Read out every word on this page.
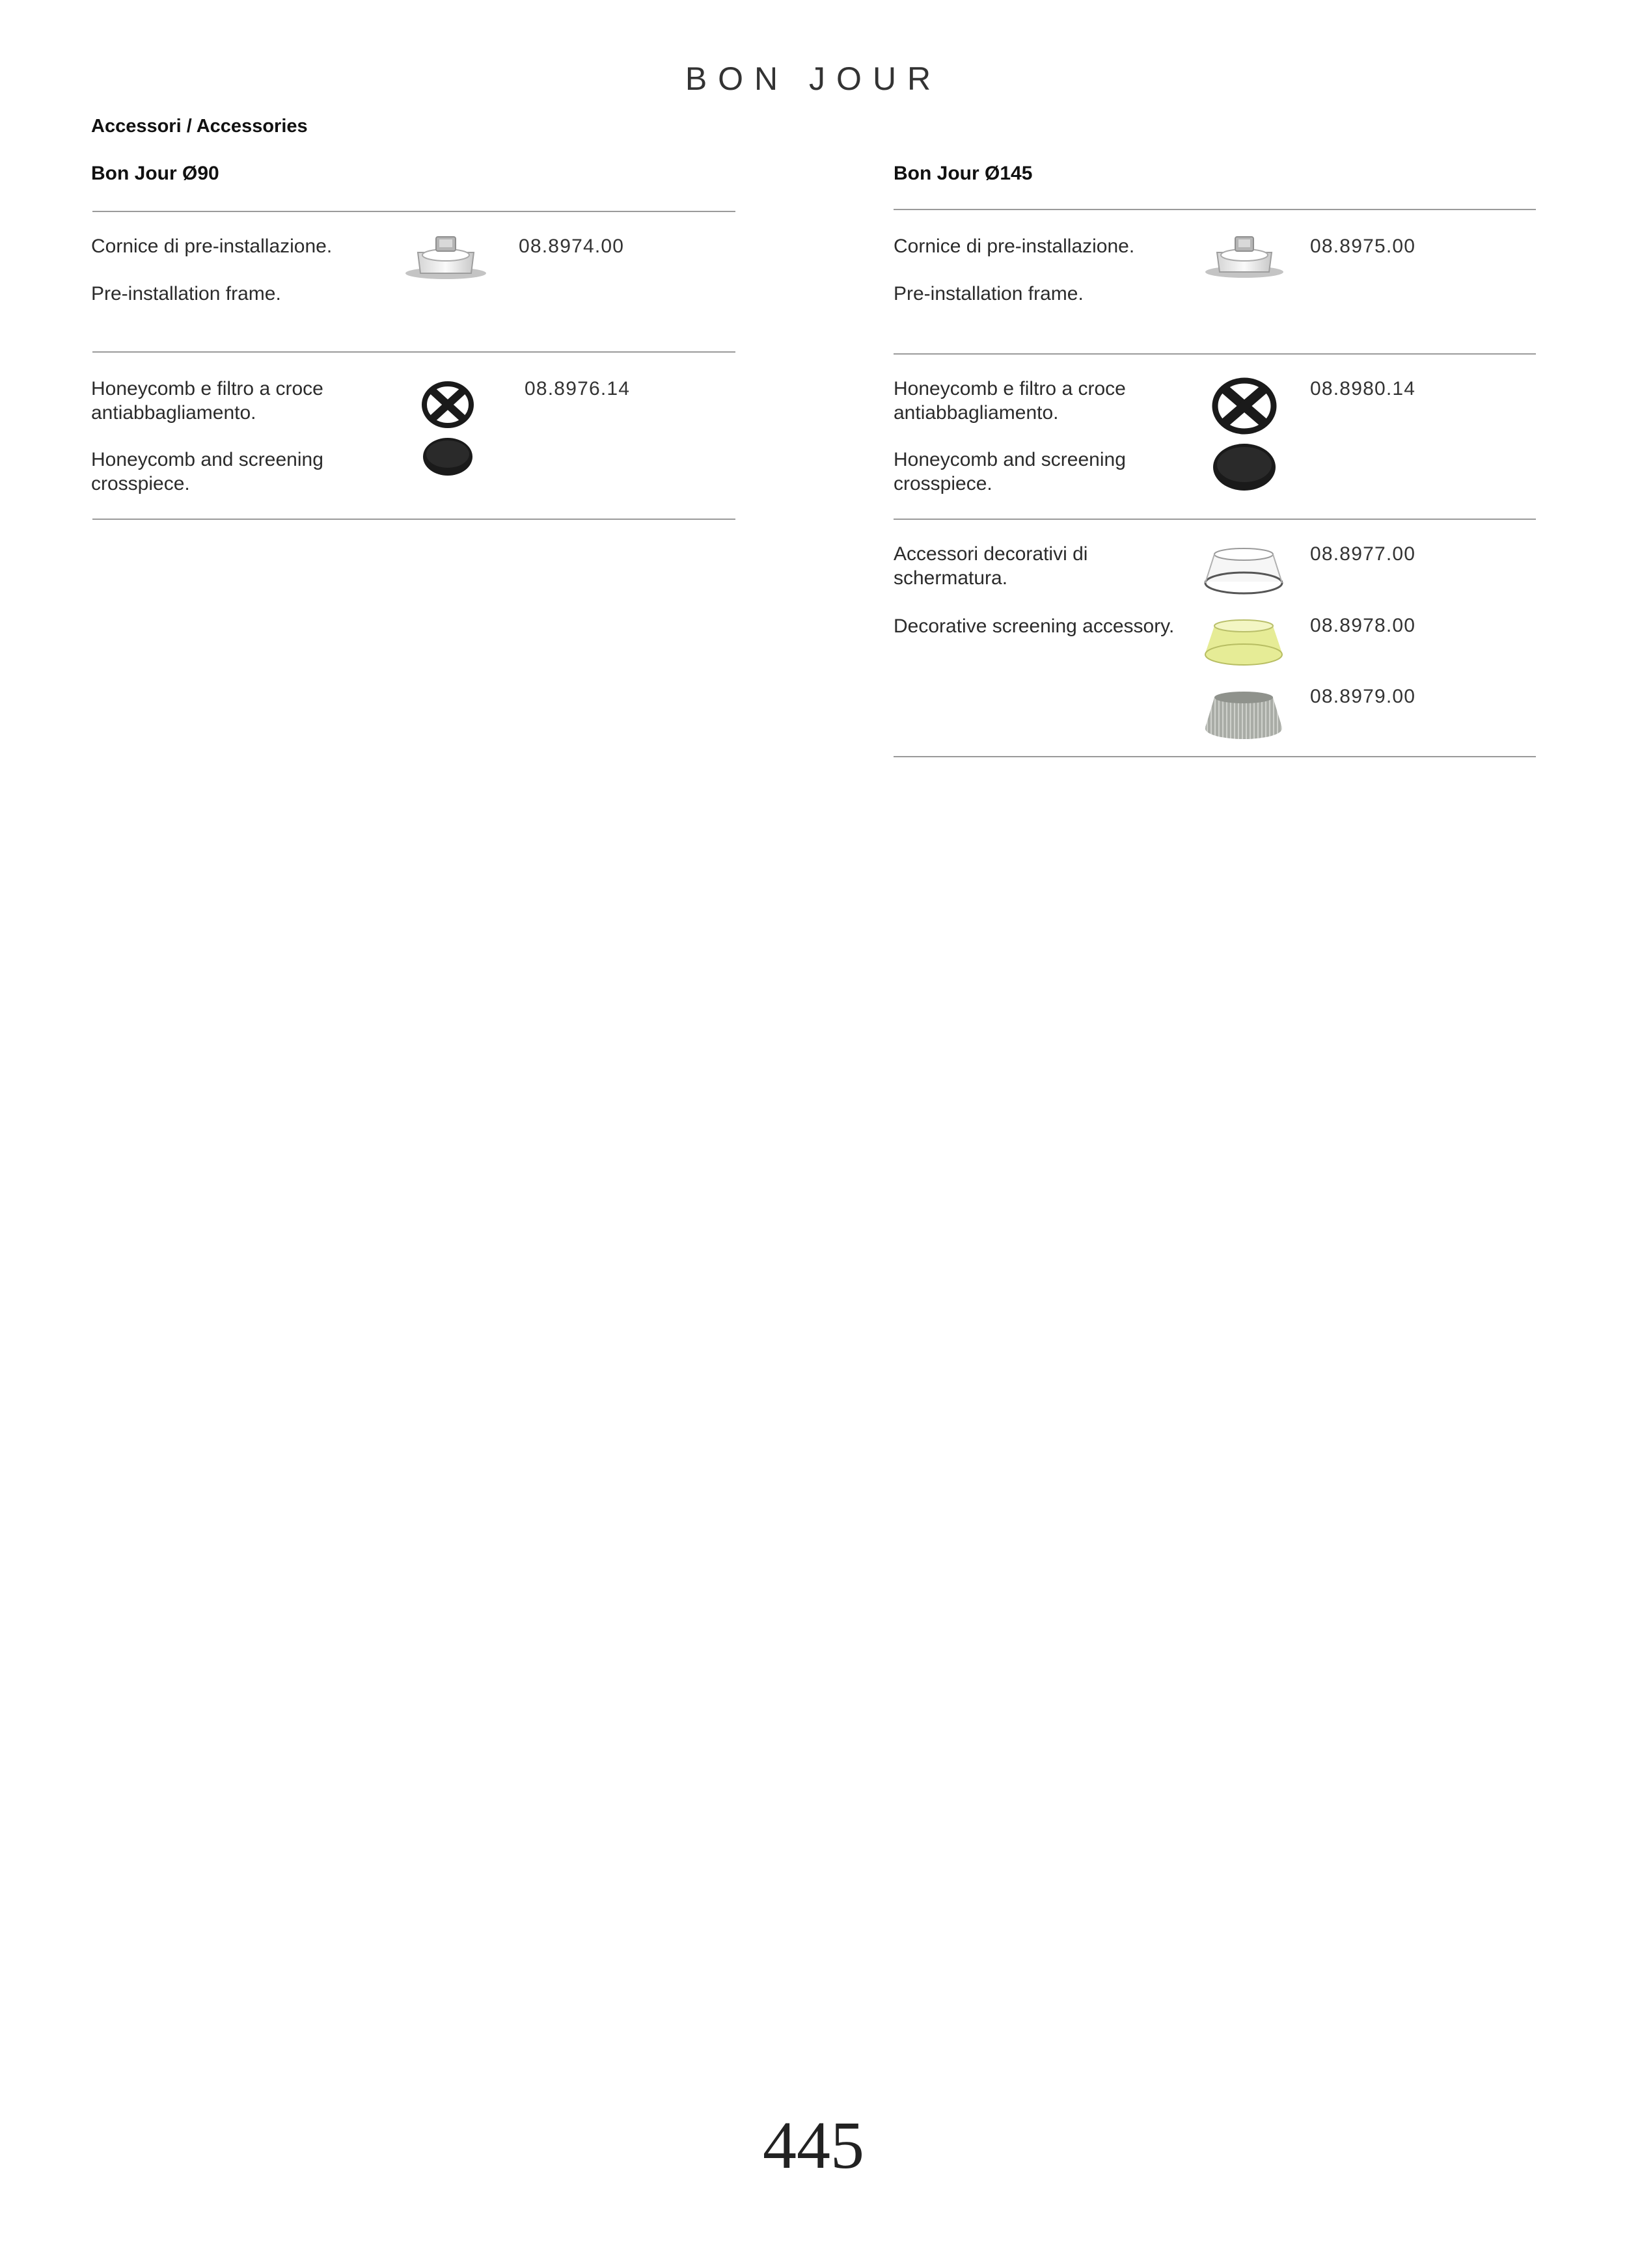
BON JOUR
Accessori / Accessories
Bon Jour Ø90
Cornice di pre-installazione.
Pre-installation frame.
08.8974.00
Honeycomb e filtro a croce antiabbagliamento.
Honeycomb and screening crosspiece.
08.8976.14
Bon Jour Ø145
Cornice di pre-installazione.
Pre-installation frame.
08.8975.00
Honeycomb e filtro a croce antiabbagliamento.
Honeycomb and screening crosspiece.
08.8980.14
Accessori decorativi di schermatura.
Decorative screening accessory.
08.8977.00
08.8978.00
08.8979.00
445
